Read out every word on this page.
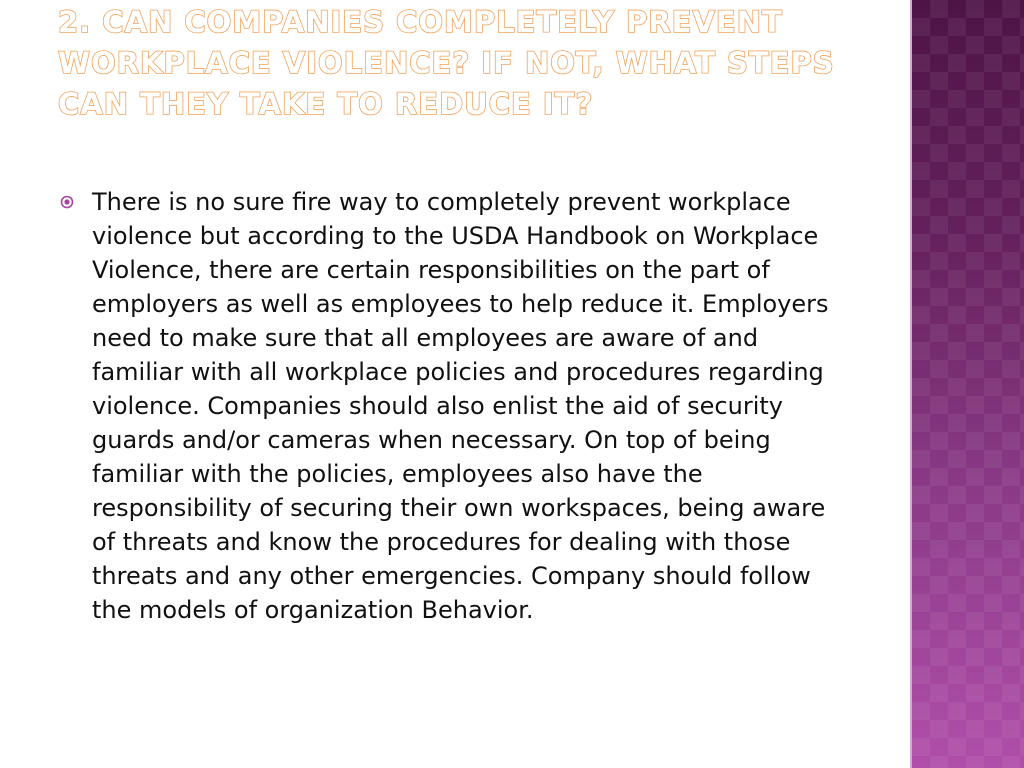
2. CAN COMPANIES COMPLETELY PREVENT WORKPLACE VIOLENCE? IF NOT, WHAT STEPS CAN THEY TAKE TO REDUCE IT?
There is no sure fire way to completely prevent workplace violence but according to the USDA Handbook on Workplace Violence, there are certain responsibilities on the part of employers as well as employees to help reduce it. Employers need to make sure that all employees are aware of and familiar with all workplace policies and procedures regarding violence. Companies should also enlist the aid of security guards and/or cameras when necessary. On top of being familiar with the policies, employees also have the responsibility of securing their own workspaces, being aware of threats and know the procedures for dealing with those threats and any other emergencies. Company should follow the models of organization Behavior.
